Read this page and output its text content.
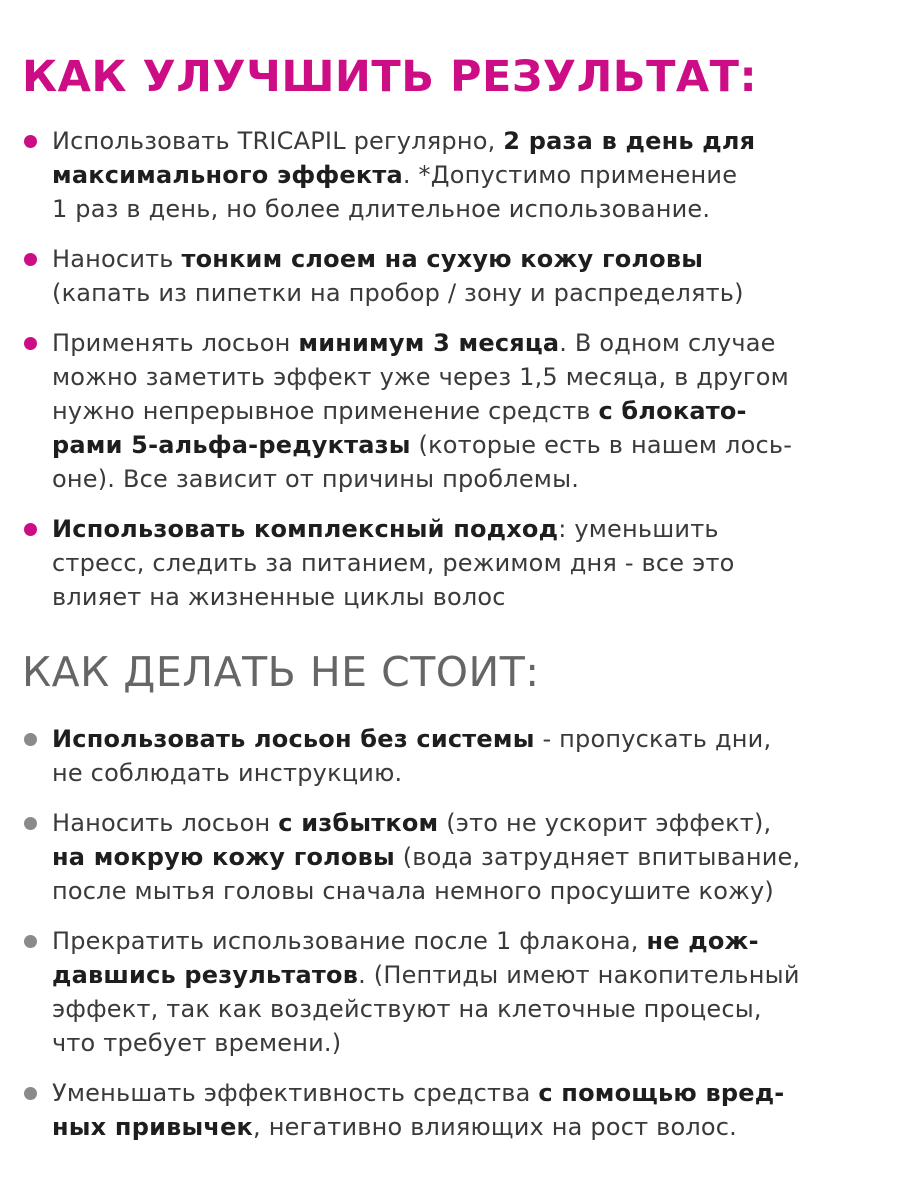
КАК УЛУЧШИТЬ РЕЗУЛЬТАТ:
Использовать TRICAPIL регулярно, 2 раза в день для
максимального эффекта. *Допустимо применение
1 раз в день, но более длительное использование.
Наносить тонким слоем на сухую кожу головы
(капать из пипетки на пробор / зону и распределять)
Применять лосьон минимум 3 месяца. В одном случае
можно заметить эффект уже через 1,5 месяца, в другом
нужно непрерывное применение средств с блокато-
рами 5-альфа-редуктазы (которые есть в нашем лось-
оне). Все зависит от причины проблемы.
Использовать комплексный подход: уменьшить
стресс, следить за питанием, режимом дня - все это
влияет на жизненные циклы волос
КАК ДЕЛАТЬ НЕ СТОИТ:
Использовать лосьон без системы - пропускать дни,
не соблюдать инструкцию.
Наносить лосьон с избытком (это не ускорит эффект),
на мокрую кожу головы (вода затрудняет впитывание,
после мытья головы сначала немного просушите кожу)
Прекратить использование после 1 флакона, не дож-
давшись результатов. (Пептиды имеют накопительный
эффект, так как воздействуют на клеточные процесы,
что требует времени.)
Уменьшать эффективность средства с помощью вред-
ных привычек, негативно влияющих на рост волос.
